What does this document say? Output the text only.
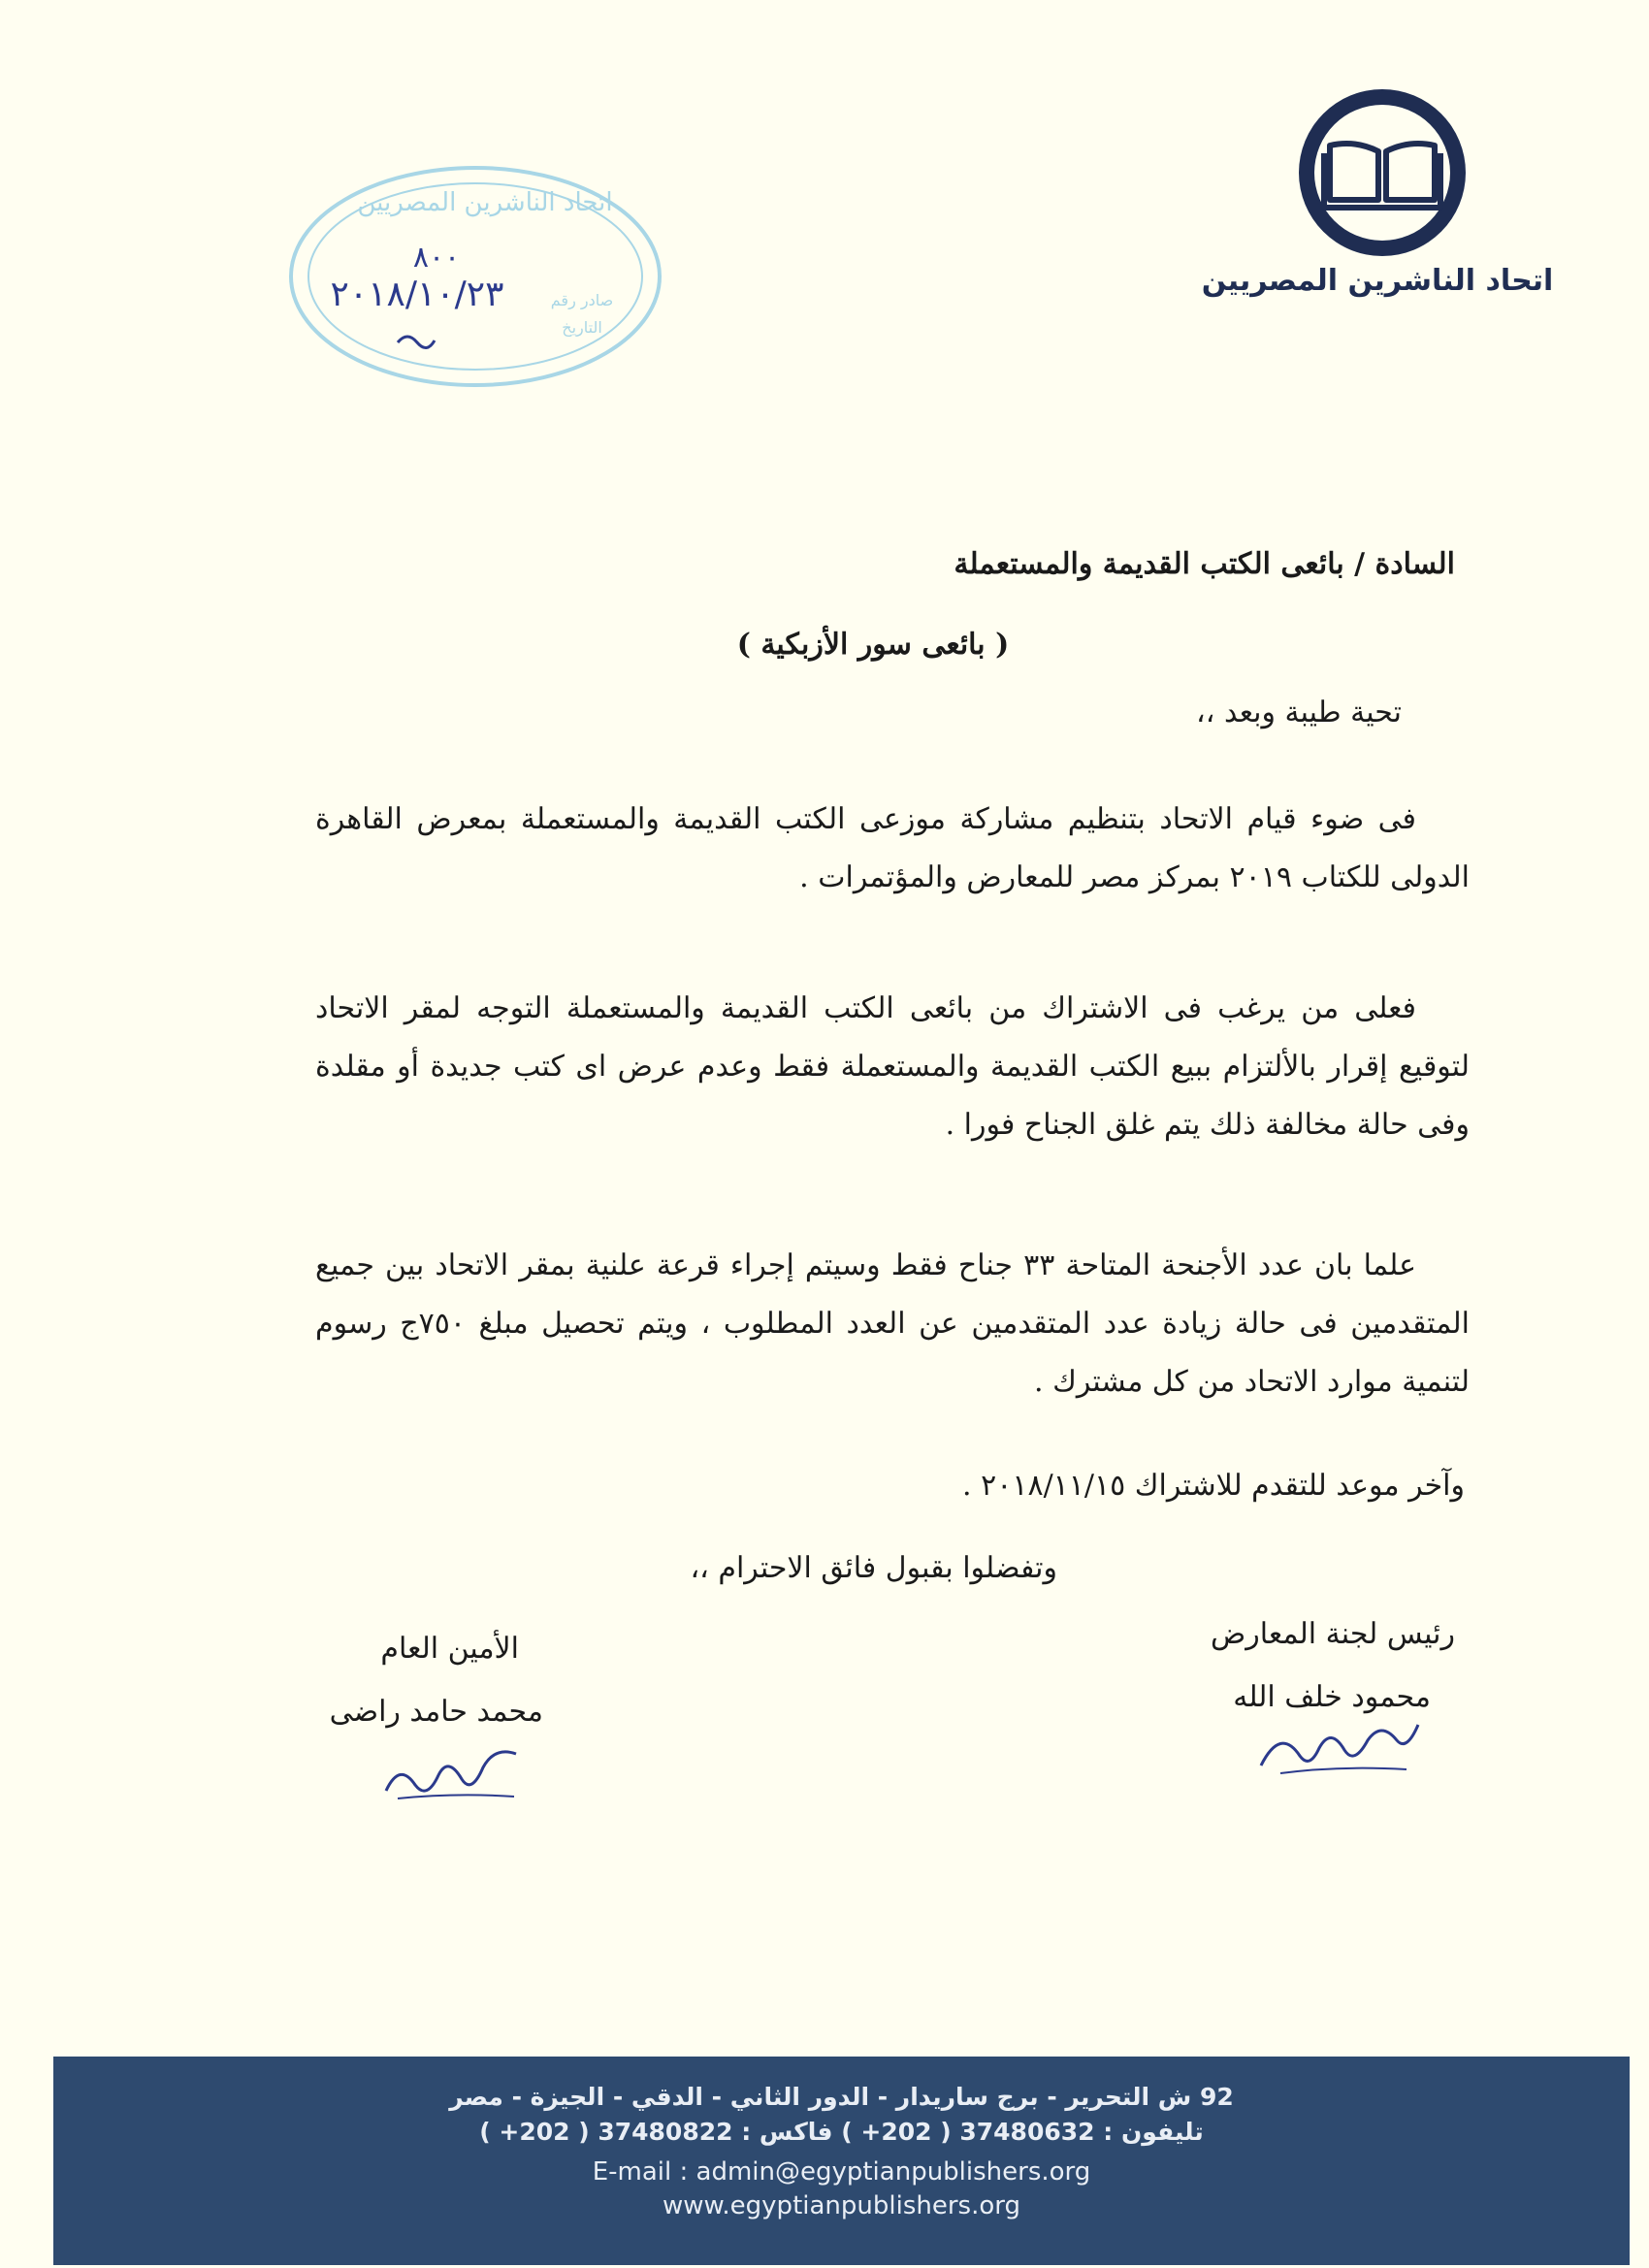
اتحاد الناشرين المصريين
اتحاد الناشرين المصريين
صادر رقم
التاريخ
٨٠٠
٢٠١٨/١٠/٢٣
السادة / بائعى الكتب القديمة والمستعملة
( بائعى سور الأزبكية )
تحية طيبة وبعد ،،
فى ضوء قيام الاتحاد بتنظيم مشاركة موزعى الكتب القديمة والمستعملة بمعرض القاهرة الدولى للكتاب ٢٠١٩ بمركز مصر للمعارض والمؤتمرات .
فعلى من يرغب فى الاشتراك من بائعى الكتب القديمة والمستعملة التوجه لمقر الاتحاد لتوقيع إقرار بالألتزام ببيع الكتب القديمة والمستعملة فقط وعدم عرض اى كتب جديدة أو مقلدة وفى حالة مخالفة ذلك يتم غلق الجناح فورا .
علما بان عدد الأجنحة المتاحة ٣٣ جناح فقط وسيتم إجراء قرعة علنية بمقر الاتحاد بين جميع المتقدمين فى حالة زيادة عدد المتقدمين عن العدد المطلوب ، ويتم تحصيل مبلغ ٧٥٠ج رسوم لتنمية موارد الاتحاد من كل مشترك .
وآخر موعد للتقدم للاشتراك ٢٠١٨/١١/١٥ .
وتفضلوا بقبول فائق الاحترام ،،
رئيس لجنة المعارض
محمود خلف الله
الأمين العام
محمد حامد راضى
92 ش التحرير - برج ساريدار - الدور الثاني - الدقي - الجيزة - مصر
تليفون : 37480632 ( 202+ ) فاكس : 37480822 ( 202+ )
E-mail : admin@egyptianpublishers.org
www.egyptianpublishers.org
